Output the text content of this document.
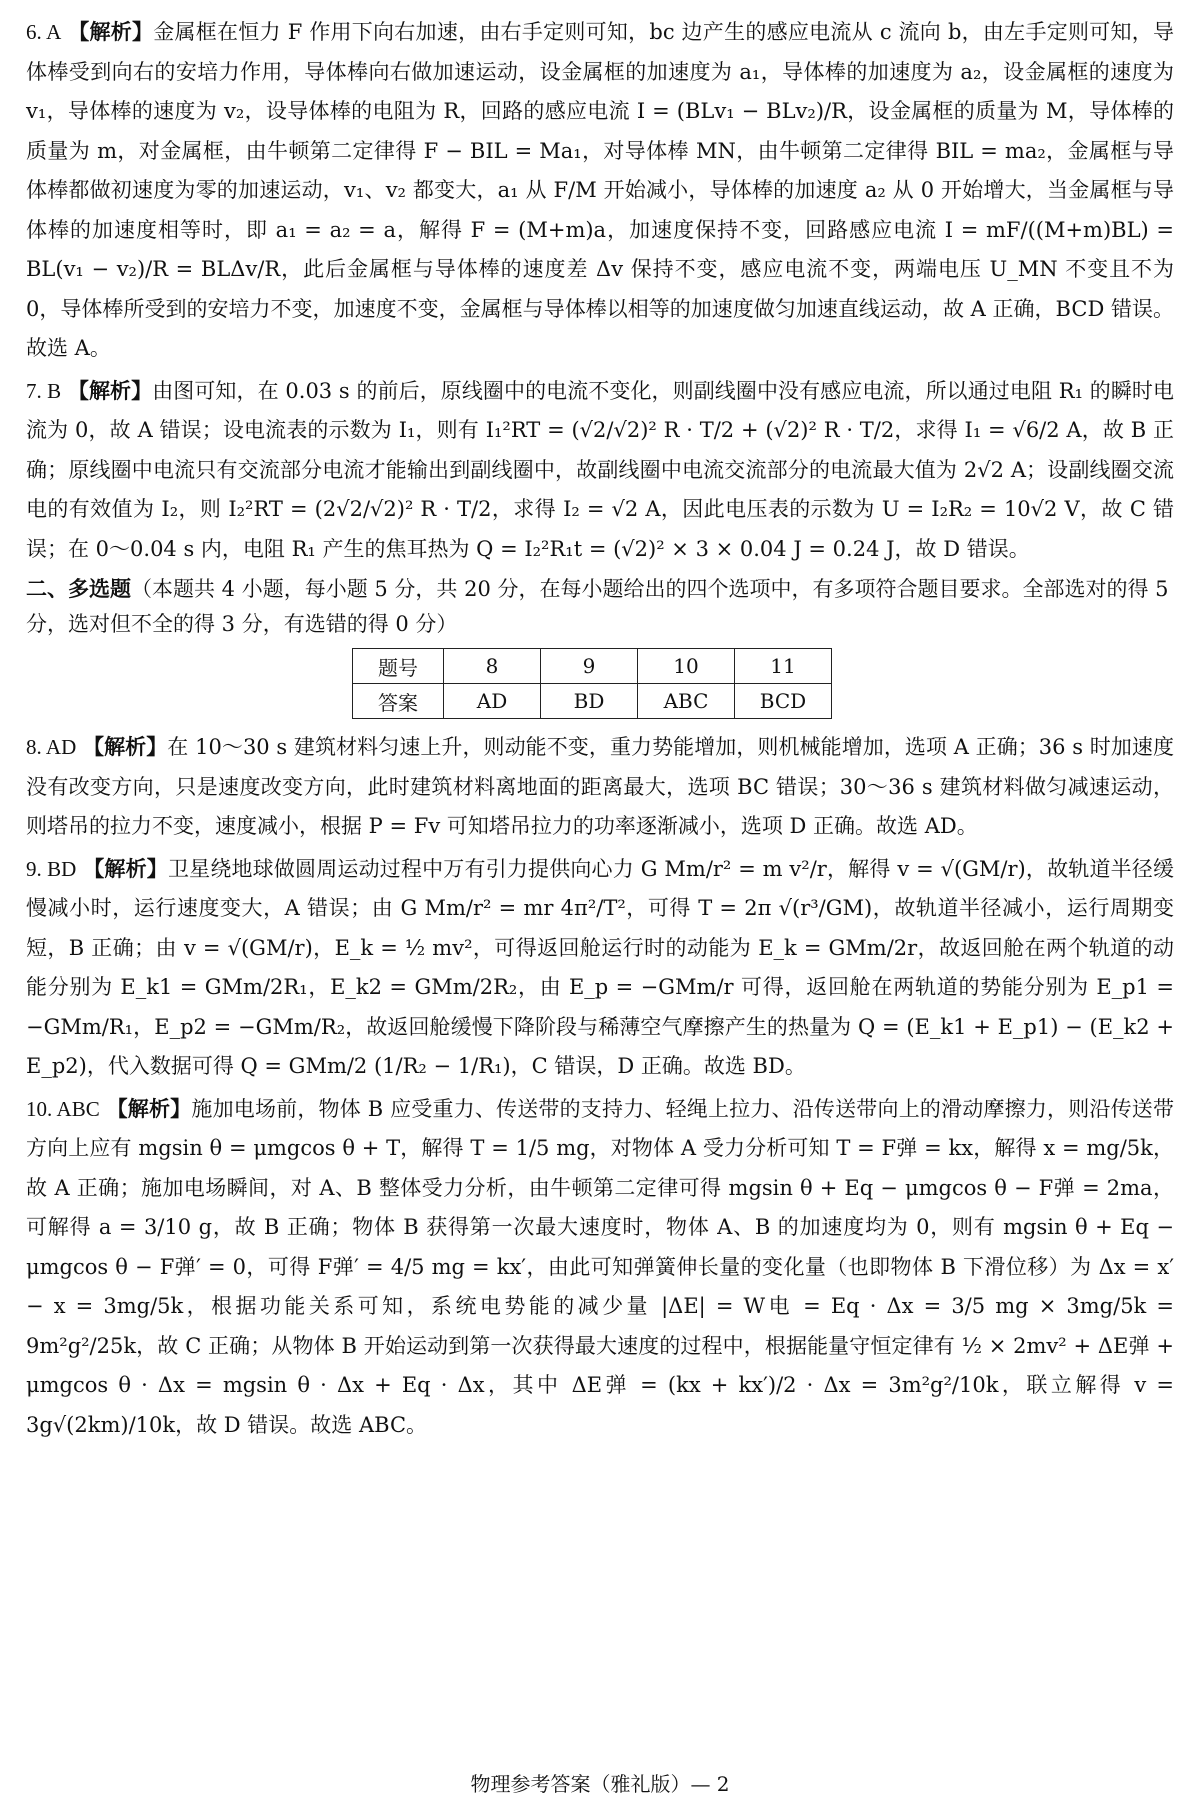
6. A 【解析】金属框在恒力 F 作用下向右加速，由右手定则可知，bc 边产生的感应电流从 c 流向 b，由左手定则可知，导体棒受到向右的安培力作用，导体棒向右做加速运动，设金属框的加速度为 a₁，导体棒的加速度为 a₂，设金属框的速度为 v₁，导体棒的速度为 v₂，设导体棒的电阻为 R，回路的感应电流 I = (BLv₁ − BLv₂)/R，设金属框的质量为 M，导体棒的质量为 m，对金属框，由牛顿第二定律得 F − BIL = Ma₁，对导体棒 MN，由牛顿第二定律得 BIL = ma₂，金属框与导体棒都做初速度为零的加速运动，v₁、v₂ 都变大，a₁ 从 F/M 开始减小，导体棒的加速度 a₂ 从 0 开始增大，当金属框与导体棒的加速度相等时，即 a₁ = a₂ = a，解得 F = (M+m)a，加速度保持不变，回路感应电流 I = mF/((M+m)BL) = BL(v₁ − v₂)/R = BLΔv/R，此后金属框与导体棒的速度差 Δv 保持不变，感应电流不变，两端电压 U_MN 不变且不为 0，导体棒所受到的安培力不变，加速度不变，金属框与导体棒以相等的加速度做匀加速直线运动，故 A 正确，BCD 错误。故选 A。

7. B 【解析】由图可知，在 0.03 s 的前后，原线圈中的电流不变化，则副线圈中没有感应电流，所以通过电阻 R₁ 的瞬时电流为 0，故 A 错误；设电流表的示数为 I₁，则有 I₁²RT = (√2/√2)² R · T/2 + (√2)² R · T/2，求得 I₁ = √6/2 A，故 B 正确；原线圈中电流只有交流部分电流才能输出到副线圈中，故副线圈中电流交流部分的电流最大值为 2√2 A；设副线圈交流电的有效值为 I₂，则 I₂²RT = (2√2/√2)² R · T/2，求得 I₂ = √2 A，因此电压表的示数为 U = I₂R₂ = 10√2 V，故 C 错误；在 0～0.04 s 内，电阻 R₁ 产生的焦耳热为 Q = I₂²R₁t = (√2)² × 3 × 0.04 J = 0.24 J，故 D 错误。

二、多选题（本题共 4 小题，每小题 5 分，共 20 分，在每小题给出的四个选项中，有多项符合题目要求。全部选对的得 5 分，选对但不全的得 3 分，有选错的得 0 分）

题号	8	9	10	11
答案	AD	BD	ABC	BCD

8. AD 【解析】在 10～30 s 建筑材料匀速上升，则动能不变，重力势能增加，则机械能增加，选项 A 正确；36 s 时加速度没有改变方向，只是速度改变方向，此时建筑材料离地面的距离最大，选项 BC 错误；30～36 s 建筑材料做匀减速运动，则塔吊的拉力不变，速度减小，根据 P = Fv 可知塔吊拉力的功率逐渐减小，选项 D 正确。故选 AD。

9. BD 【解析】卫星绕地球做圆周运动过程中万有引力提供向心力 G Mm/r² = m v²/r，解得 v = √(GM/r)，故轨道半径缓慢减小时，运行速度变大，A 错误；由 G Mm/r² = mr 4π²/T²，可得 T = 2π √(r³/GM)，故轨道半径减小，运行周期变短，B 正确；由 v = √(GM/r)，E_k = ½ mv²，可得返回舱运行时的动能为 E_k = GMm/2r，故返回舱在两个轨道的动能分别为 E_k1 = GMm/2R₁，E_k2 = GMm/2R₂，由 E_p = −GMm/r 可得，返回舱在两轨道的势能分别为 E_p1 = −GMm/R₁，E_p2 = −GMm/R₂，故返回舱缓慢下降阶段与稀薄空气摩擦产生的热量为 Q = (E_k1 + E_p1) − (E_k2 + E_p2)，代入数据可得 Q = GMm/2 (1/R₂ − 1/R₁)，C 错误，D 正确。故选 BD。

10. ABC 【解析】施加电场前，物体 B 应受重力、传送带的支持力、轻绳上拉力、沿传送带向上的滑动摩擦力，则沿传送带方向上应有 mgsin θ = μmgcos θ + T，解得 T = 1/5 mg，对物体 A 受力分析可知 T = F弹 = kx，解得 x = mg/5k，故 A 正确；施加电场瞬间，对 A、B 整体受力分析，由牛顿第二定律可得 mgsin θ + Eq − μmgcos θ − F弹 = 2ma，可解得 a = 3/10 g，故 B 正确；物体 B 获得第一次最大速度时，物体 A、B 的加速度均为 0，则有 mgsin θ + Eq − μmgcos θ − F弹′ = 0，可得 F弹′ = 4/5 mg = kx′，由此可知弹簧伸长量的变化量（也即物体 B 下滑位移）为 Δx = x′ − x = 3mg/5k，根据功能关系可知，系统电势能的减少量 |ΔE| = W电 = Eq · Δx = 3/5 mg × 3mg/5k = 9m²g²/25k，故 C 正确；从物体 B 开始运动到第一次获得最大速度的过程中，根据能量守恒定律有 ½ × 2mv² + ΔE弹 + μmgcos θ · Δx = mgsin θ · Δx + Eq · Δx，其中 ΔE弹 = (kx + kx′)/2 · Δx = 3m²g²/10k，联立解得 v = 3g√(2km)/10k，故 D 错误。故选 ABC。

物理参考答案（雅礼版）— 2
